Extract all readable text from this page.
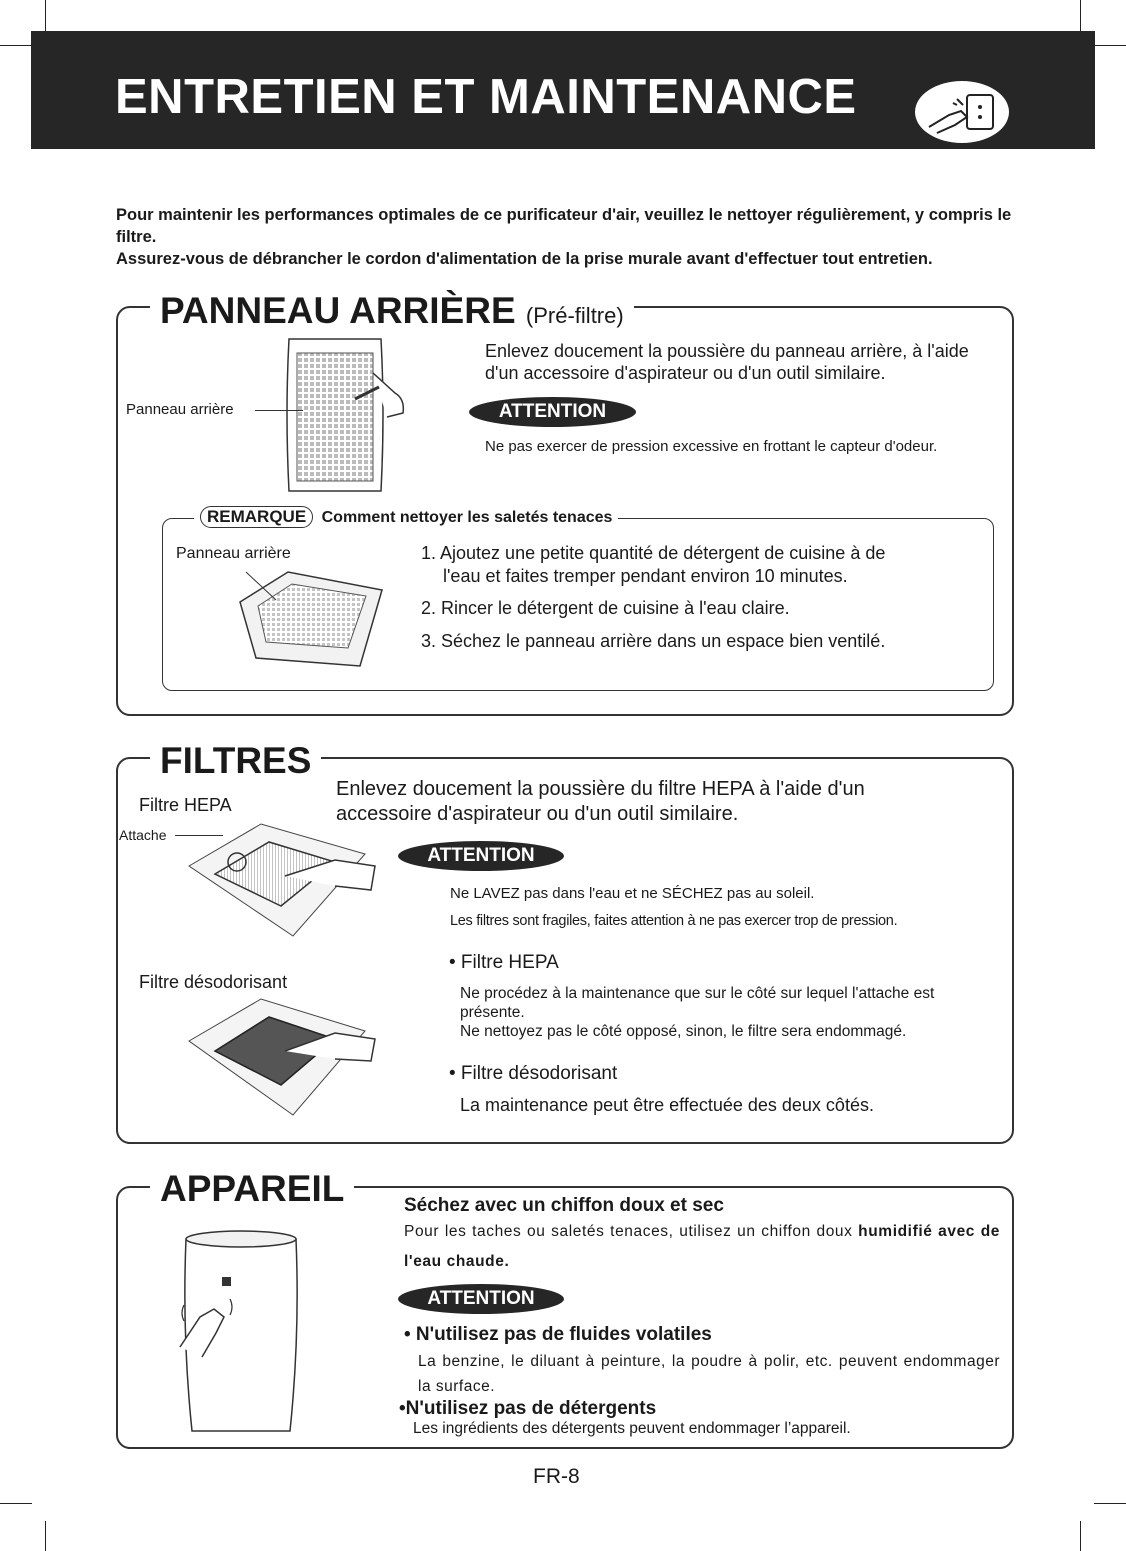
ENTRETIEN ET MAINTENANCE

Pour maintenir les performances optimales de ce purificateur d'air, veuillez le nettoyer régulièrement, y compris le filtre.

Assurez-vous de débrancher le cordon d'alimentation de la prise murale avant d'effectuer tout entretien.

PANNEAU ARRIÈRE (Pré-filtre)
Panneau arrière
Enlevez doucement la poussière du panneau arrière, à l'aide d'un accessoire d'aspirateur ou d'un outil similaire.
ATTENTION
Ne pas exercer de pression excessive en frottant le capteur d'odeur.
REMARQUE Comment nettoyer les saletés tenaces
Panneau arrière	1. Ajoutez une petite quantité de détergent de cuisine à de
l'eau et faites tremper pendant environ 10 minutes.
2. Rincer le détergent de cuisine à l'eau claire.
3. Séchez le panneau arrière dans un espace bien ventilé.
FILTRES
Enlevez doucement la poussière du filtre HEPA à l'aide d'un accessoire d'aspirateur ou d'un outil similaire.
Filtre HEPA
Attache
Filtre désodorisant
ATTENTION
Ne LAVEZ pas dans l'eau et ne SÉCHEZ pas au soleil.
Les filtres sont fragiles, faites attention à ne pas exercer trop de pression.
• Filtre HEPA
Ne procédez à la maintenance que sur le côté sur lequel l'attache est présente.
Ne nettoyez pas le côté opposé, sinon, le filtre sera endommagé.
• Filtre désodorisant
La maintenance peut être effectuée des deux côtés.
APPAREIL	Séchez avec un chiffon doux et sec
Pour les taches ou saletés tenaces, utilisez un chiffon doux humidifié avec de l'eau chaude.
ATTENTION
• N'utilisez pas de fluides volatiles
La benzine, le diluant à peinture, la poudre à polir, etc. peuvent endommager la surface.
•N'utilisez pas de détergents
Les ingrédients des détergents peuvent endommager l’appareil.
FR-8
